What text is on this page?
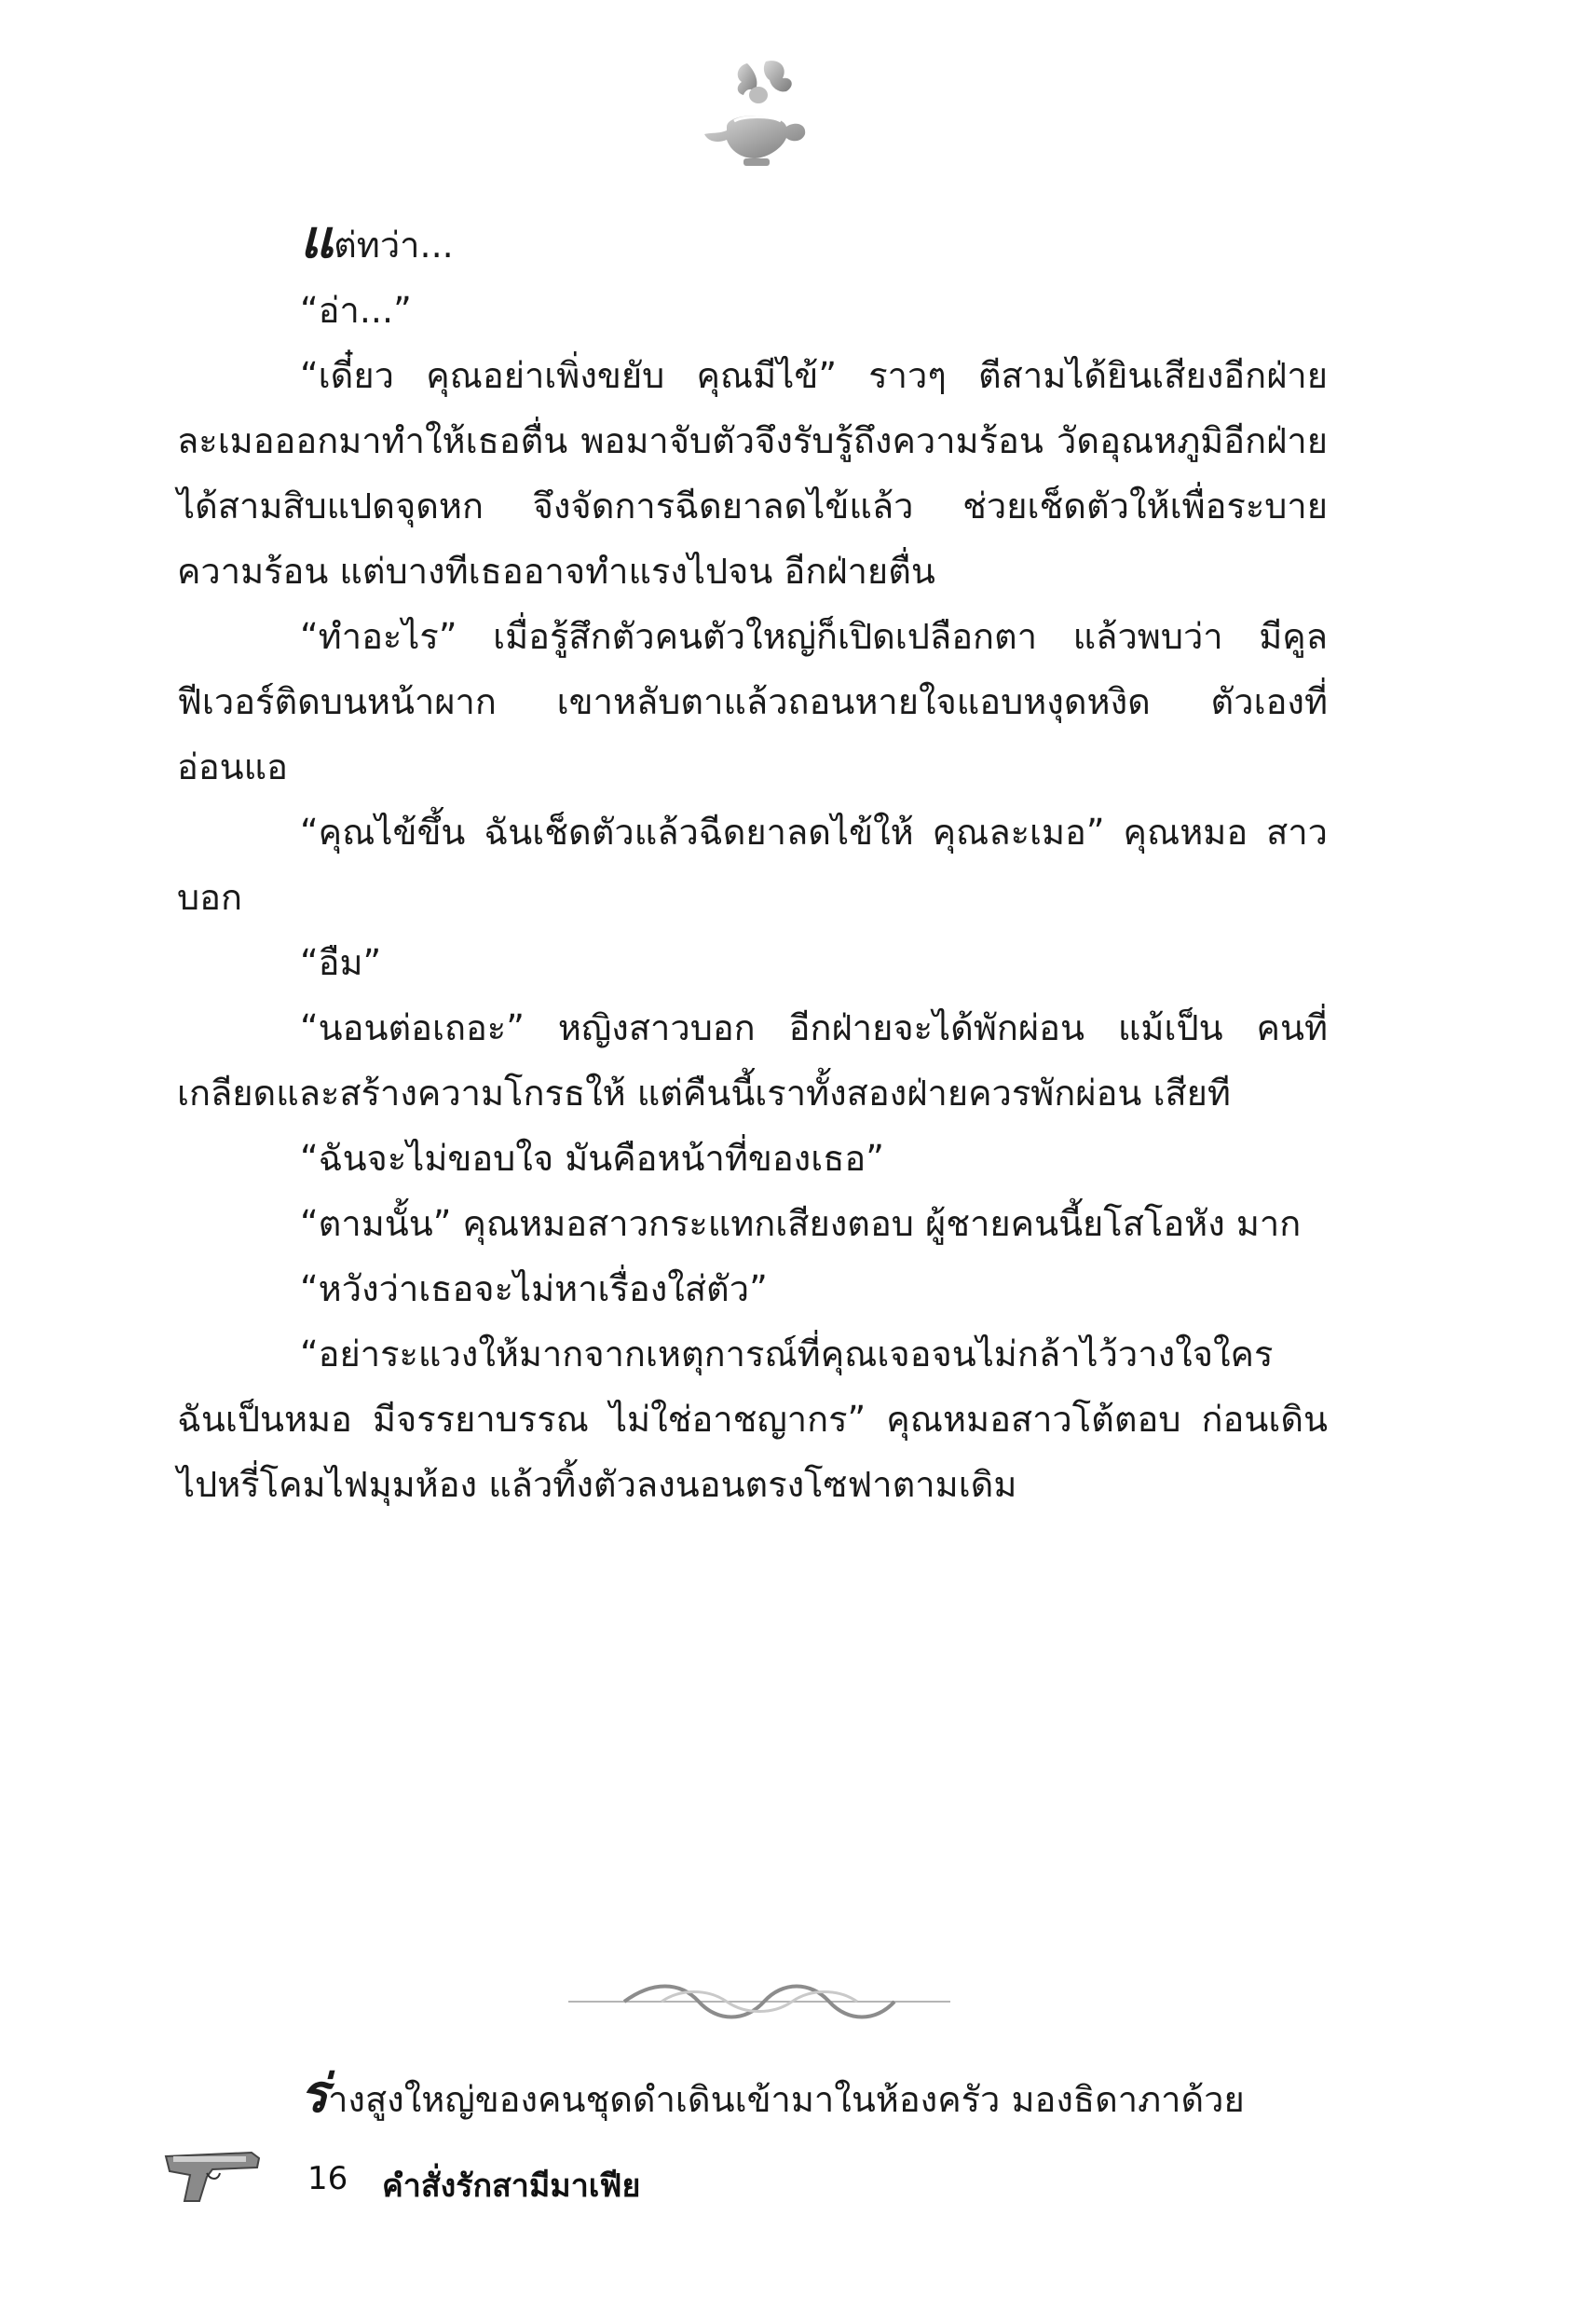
แต่ทว่า...

“อ่า...”

“เดี๋ยว คุณอย่าเพิ่งขยับ คุณมีไข้” ราวๆ ตีสามได้ยินเสียงอีกฝ่ายละเมอออกมาทำให้เธอตื่น พอมาจับตัวจึงรับรู้ถึงความร้อน วัดอุณหภูมิอีกฝ่ายได้สามสิบแปดจุดหก จึงจัดการฉีดยาลดไข้แล้ว ช่วยเช็ดตัวให้เพื่อระบายความร้อน แต่บางทีเธออาจทำแรงไปจน อีกฝ่ายตื่น

“ทำอะไร” เมื่อรู้สึกตัวคนตัวใหญ่ก็เปิดเปลือกตา แล้วพบว่า มีคูลฟีเวอร์ติดบนหน้าผาก เขาหลับตาแล้วถอนหายใจแอบหงุดหงิด ตัวเองที่อ่อนแอ

“คุณไข้ขึ้น ฉันเช็ดตัวแล้วฉีดยาลดไข้ให้ คุณละเมอ” คุณหมอ สาวบอก

“อืม”

“นอนต่อเถอะ” หญิงสาวบอก อีกฝ่ายจะได้พักผ่อน แม้เป็น คนที่เกลียดและสร้างความโกรธให้ แต่คืนนี้เราทั้งสองฝ่ายควรพักผ่อน เสียที

“ฉันจะไม่ขอบใจ มันคือหน้าที่ของเธอ”

“ตามนั้น” คุณหมอสาวกระแทกเสียงตอบ ผู้ชายคนนี้ยโสโอหัง มาก

“หวังว่าเธอจะไม่หาเรื่องใส่ตัว”

“อย่าระแวงให้มากจากเหตุการณ์ที่คุณเจอจนไม่กล้าไว้วางใจใคร ฉันเป็นหมอ มีจรรยาบรรณ ไม่ใช่อาชญากร” คุณหมอสาวโต้ตอบ ก่อนเดินไปหรี่โคมไฟมุมห้อง แล้วทิ้งตัวลงนอนตรงโซฟาตามเดิม

ร่างสูงใหญ่ของคนชุดดำเดินเข้ามาในห้องครัว มองธิดาภาด้วย

16 คำสั่งรักสามีมาเฟีย
